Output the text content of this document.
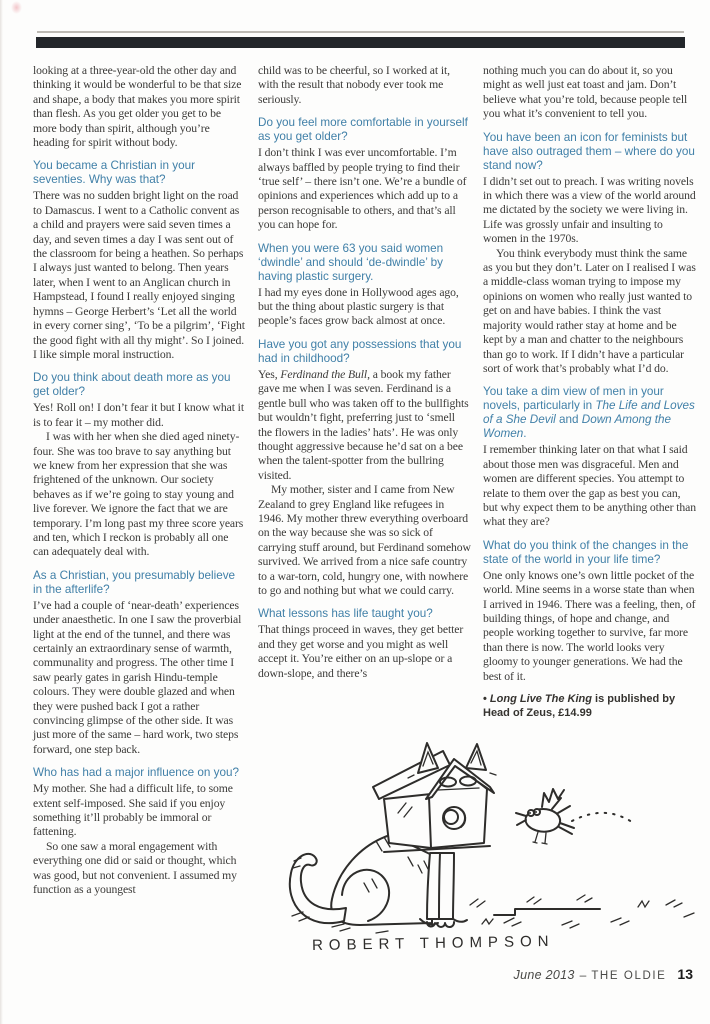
looking at a three-year-old the other day and thinking it would be wonderful to be that size and shape, a body that makes you more spirit than flesh. As you get older you get to be more body than spirit, although you’re heading for spirit without body.

You became a Christian in your seventies. Why was that?

There was no sudden bright light on the road to Damascus. I went to a Catholic convent as a child and prayers were said seven times a day, and seven times a day I was sent out of the classroom for being a heathen. So perhaps I always just wanted to belong. Then years later, when I went to an Anglican church in Hampstead, I found I really enjoyed singing hymns – George Herbert’s ‘Let all the world in every corner sing’, ‘To be a pilgrim’, ‘Fight the good fight with all thy might’. So I joined. I like simple moral instruction.

Do you think about death more as you get older?

Yes! Roll on! I don’t fear it but I know what it is to fear it – my mother did.

I was with her when she died aged ninety-four. She was too brave to say anything but we knew from her expression that she was frightened of the unknown. Our society behaves as if we’re going to stay young and live forever. We ignore the fact that we are temporary. I’m long past my three score years and ten, which I reckon is probably all one can adequately deal with.

As a Christian, you presumably believe in the afterlife?

I’ve had a couple of ‘near-death’ experiences under anaesthetic. In one I saw the proverbial light at the end of the tunnel, and there was certainly an extraordinary sense of warmth, communality and progress. The other time I saw pearly gates in garish Hindu-temple colours. They were double glazed and when they were pushed back I got a rather convincing glimpse of the other side. It was just more of the same – hard work, two steps forward, one step back.

Who has had a major influence on you?

My mother. She had a difficult life, to some extent self-imposed. She said if you enjoy something it’ll probably be immoral or fattening.

So one saw a moral engagement with everything one did or said or thought, which was good, but not convenient. I assumed my function as a youngest

child was to be cheerful, so I worked at it, with the result that nobody ever took me seriously.

Do you feel more comfortable in yourself as you get older?

I don’t think I was ever uncomfortable. I’m always baffled by people trying to find their ‘true self’ – there isn’t one. We’re a bundle of opinions and experiences which add up to a person recognisable to others, and that’s all you can hope for.

When you were 63 you said women ‘dwindle’ and should ‘de-dwindle’ by having plastic surgery.

I had my eyes done in Hollywood ages ago, but the thing about plastic surgery is that people’s faces grow back almost at once.

Have you got any possessions that you had in childhood?

Yes, Ferdinand the Bull, a book my father gave me when I was seven. Ferdinand is a gentle bull who was taken off to the bullfights but wouldn’t fight, preferring just to ‘smell the flowers in the ladies’ hats’. He was only thought aggressive because he’d sat on a bee when the talent-spotter from the bullring visited.

My mother, sister and I came from New Zealand to grey England like refugees in 1946. My mother threw everything overboard on the way because she was so sick of carrying stuff around, but Ferdinand somehow survived. We arrived from a nice safe country to a war-torn, cold, hungry one, with nowhere to go and nothing but what we could carry.

What lessons has life taught you?

That things proceed in waves, they get better and they get worse and you might as well accept it. You’re either on an up-slope or a down-slope, and there’s

nothing much you can do about it, so you might as well just eat toast and jam. Don’t believe what you’re told, because people tell you what it’s convenient to tell you.

You have been an icon for feminists but have also outraged them – where do you stand now?

I didn’t set out to preach. I was writing novels in which there was a view of the world around me dictated by the society we were living in. Life was grossly unfair and insulting to women in the 1970s.

You think everybody must think the same as you but they don’t. Later on I realised I was a middle-class woman trying to impose my opinions on women who really just wanted to get on and have babies. I think the vast majority would rather stay at home and be kept by a man and chatter to the neighbours than go to work. If I didn’t have a particular sort of work that’s probably what I’d do.

You take a dim view of men in your novels, particularly in The Life and Loves of a She Devil and Down Among the Women.

I remember thinking later on that what I said about those men was disgraceful. Men and women are different species. You attempt to relate to them over the gap as best you can, but why expect them to be anything other than what they are?

What do you think of the changes in the state of the world in your life time?

One only knows one’s own little pocket of the world. Mine seems in a worse state than when I arrived in 1946. There was a feeling, then, of building things, of hope and change, and people working together to survive, far more than there is now. The world looks very gloomy to younger generations. We had the best of it.

• Long Live The King is published by Head of Zeus, £14.99

ROBERT THOMPSON
June 2013 – THE OLDIE 13
